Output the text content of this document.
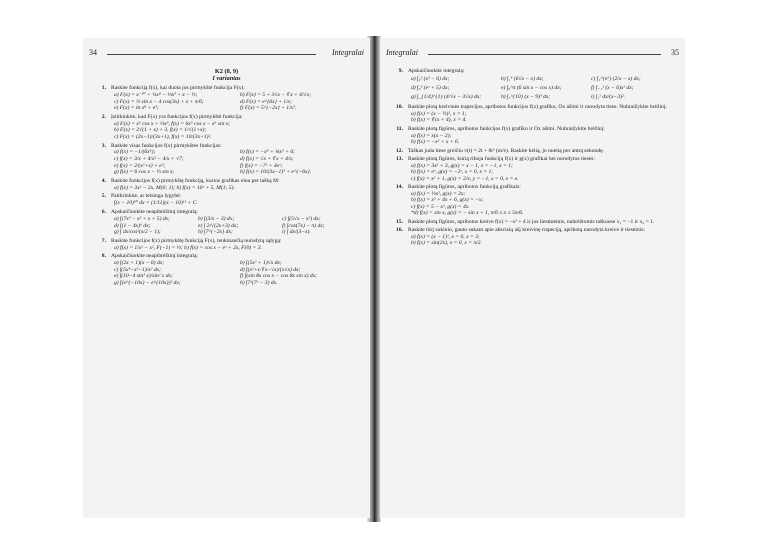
34	Integralai
K2 (8, 9)
I variantas
1. Raskite funkciją f(x), kai duota jos pirmykštė funkcija F(x):
a) F(x) = x⁻¹⁰ + ¼x⁸ − ⅓x³ + x − ½;	b) F(x) = 5 + 3√x − ∛x + 4/√x;
c) F(x) = ½ sin x − 4 cos(3x) + x + π/6;	d) F(x) = e^{6x} + 1/x;
e) F(x) = ln x⁸ + e³;	f) F(x) = 5^{−2x} + 1/x³.
2. Įsitikinkite, kad F(x) yra funkcijos f(x) pirmykštė funkcija:
a) F(x) = x⁶ cos x + ⅓x³, f(x) = 6x⁵ cos x − x⁶ sin x;
b) F(x) = 2√(1 + x) + 3, f(x) = 1/√(1+x);
c) F(x) = (2x−1)/(3x+1), f(x) = 10/(3x+1)².
3. Raskite visas funkcijos f(x) pirmykštes funkcijas:
a) f(x) = −1/(6x⁶);	b) f(x) = −x⁹ + ⅛x⁵ + 6;
c) f(x) = 3/x + 4/x² − 4/x + √7;	d) f(x) = √x + ∛x + 4/x;
e) f(x) = 2/(x²+x) + e²;	f) f(x) = −7ˣ + 4eˣ;
g) f(x) = 6 cos x − ⅓ sin x;	h) f(x) = 10/(3x−1)³ + e^{−6x}.
4. Raskite funkcijos f(x) pirmykštę funkciją, kurios grafikas eina per tašką M:
a) f(x) = 3x² − 2x, M(0; 1); b) f(x) = 10ˣ + 5, M(1; 5).
5. Patikrinkite, ar teisinga lygybė:
∫(x − 10)¹⁰ dx = (1/11)(x − 10)¹¹ + C.
6. Apskaičiuokite neapibrėžtinį integralą:
a) ∫(7x³ − x² + x + 5) dx;	b) ∫(3/x − 3) dx;	c) ∫(5√x − x²) dx;
d) ∫(1 − 4x)⁶ dx;	e) ∫ 2/√(2x+3) dx;	f) ∫cos(7x) − π) dx;
g) ∫ dx/cos²(x/2 − 1);	h) ∫7^{−2x} dx;	i) ∫ dx/(3−x).
7. Raskite funkcijos f(x) pirmykštę funkciją F(x), tenkinančią nurodytą sąlygą:
a) f(x) = 1/x² − x², F(−1) = ⅓; b) f(x) = cos x − eˣ + 2x, F(0) = 3.
8. Apskaičiuokite neapibrėžtinį integralą:
a) ∫(2x + 1)(x − 6) dx;	b) ∫(5x² + 1)√x dx;
c) ∫(5x⁴−x²−1)/x² dx;	d) ∫(x²+x·∛x−√x)/(x√x) dx;
e) ∫(10−4 sin³ x)/sin² x dx;	f) ∫(sin 8x cos x − cos 8x sin x) dx;
g) ∫(e^{−10x} − e^{10x})² dx;	h) ∫7ˣ(7ˣ − 3) dx.
Integralai	35
9. Apskaičiuokite integralą:
a) ∫₀² (x³ − 6) dx;	b) ∫₁⁴ (6√x − x) dx;	c) ∫₁^{e²} (2/x − x) dx;
d) ∫₀³ (eˣ + 5) dx;	e) ∫₀^π (6 sin x − cos x) dx;	f) ∫₋₁¹ (x − 6)x² dx;
g) ∫_{1/4}^{1} (4/√x − 3√x) dx;	h) ∫₇^{10} (x − 9)³ dx;	i) ∫₁² dx/(x−3)².
10. Raskite plotą kreivinės trapecijos, apribotos funkcijos f(x) grafiku, Ox ašimi ir nurodyta tiese. Nubraižykite brėžinį:
a) f(x) = (x − ½)², x = 1;
b) f(x) = ∛(x + 4), x = 4.
11. Raskite plotą figūros, apribotos funkcijos f(x) grafiku ir Ox ašimi. Nubraižykite brėžinį:
a) f(x) = x(x − 2);
b) f(x) = −x² + x + 6.
12. Taškas juda tiese greičiu v(t) = 2t + 8t² (m/s). Raskite kelią, jo nueitą per antrą sekundę.
13. Raskite plotą figūros, kurią riboja funkcijų f(x) ir g(x) grafikai bei nurodytos tiesės:
a) f(x) = 3x² + 3, g(x) = x − 1, x = −1, x = 1;
b) f(x) = eˣ, g(x) = −2ˣ, x = 0, x = 1;
c) f(x) = x² + 1, g(x) = 2/x, y = −1, x = 0, x = e.
14. Raskite plotą figūros, apribotos funkcijų grafikais:
a) f(x) = ½x², g(x) = 2x;
b) f(x) = x² + 4x + 6, g(x) = −x;
c) f(x) = 5 − x², g(x) = 4x.
*d) f(x) = sin x, g(x) = − sin x + 1, π/6 ≤ x ≤ 5π/6.
15. Raskite plotą figūros, apribotos kreive f(x) = −x² + 4 ir jos liestinėmis, nubrėžtomis taškuose x₁ = −1 ir x₂ = 1.
16. Raskite tūrį sukinio, gauto sukant apie abscisių ašį kreivinę trapeciją, apribotą nurodyta kreive ir tiesėmis:
a) f(x) = (x − 1)², x = 0, x = 3;
b) f(x) = sin(2x), x = 0, x = π/2.
